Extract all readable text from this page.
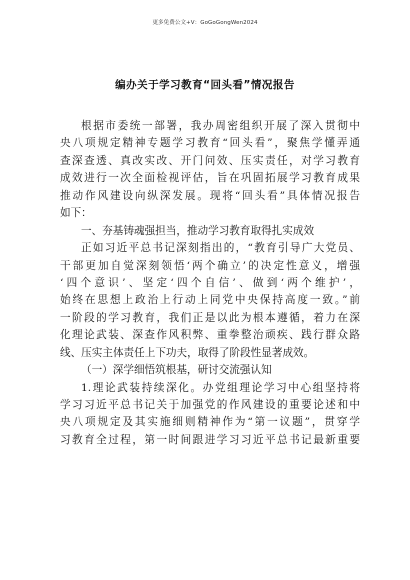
更多免费公文+V：GoGoGongWen2024
编办关于学习教育“回头看”情况报告
根据市委统一部署，我办周密组织开展了深入贯彻中
央八项规定精神专题学习教育“回头看”，聚焦学懂弄通
查深查透、真改实改、开门问效、压实责任，对学习教育
成效进行一次全面检视评估，旨在巩固拓展学习教育成果
推动作风建设向纵深发展。现将“回头看”具体情况报告
如下：
一、夯基铸魂强担当，推动学习教育取得扎实成效
正如习近平总书记深刻指出的，“教育引导广大党员、
干部更加自觉深刻领悟‘两个确立’的决定性意义，增强
‘四个意识’、坚定‘四个自信’、做到‘两个维护’，
始终在思想上政治上行动上同党中央保持高度一致。”前
一阶段的学习教育，我们正是以此为根本遵循，着力在深
化理论武装、深查作风积弊、重拳整治顽疾、践行群众路
线、压实主体责任上下功夫，取得了阶段性显著成效。
（一）深学细悟筑根基，研讨交流强认知
1.理论武装持续深化。办党组理论学习中心组坚持将
学习习近平总书记关于加强党的作风建设的重要论述和中
央八项规定及其实施细则精神作为“第一议题”，贯穿学
习教育全过程，第一时间跟进学习习近平总书记最新重要
